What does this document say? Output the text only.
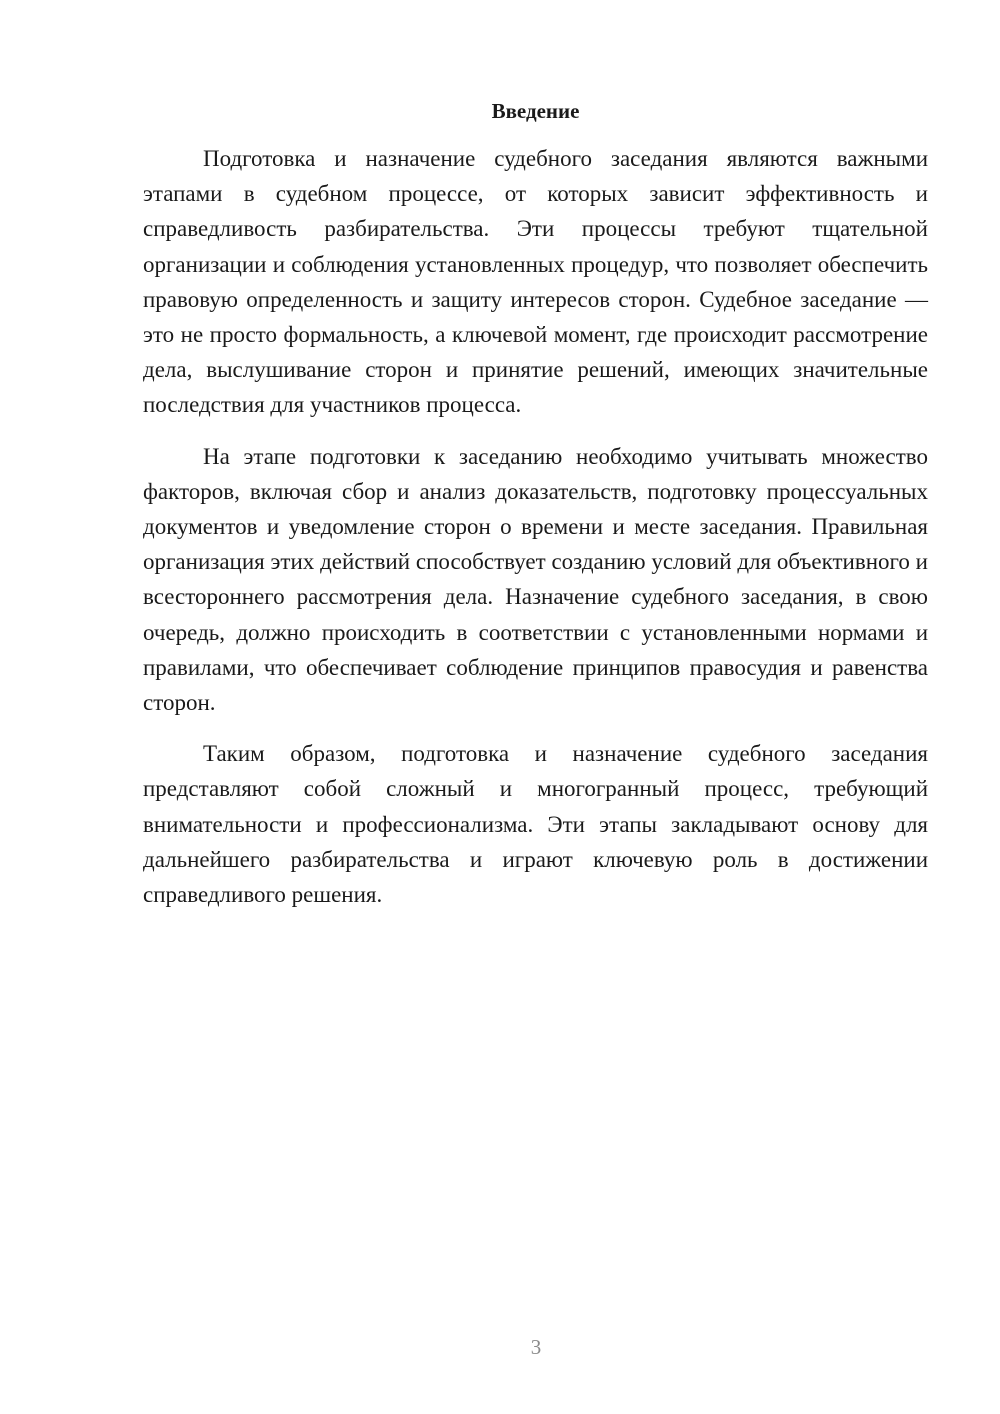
Введение

Подготовка и назначение судебного заседания являются важными этапами в судебном процессе, от которых зависит эффективность и справедливость разбирательства. Эти процессы требуют тщательной организации и соблюдения установленных процедур, что позволяет обеспечить правовую определенность и защиту интересов сторон. Судебное заседание — это не просто формальность, а ключевой момент, где происходит рассмотрение дела, выслушивание сторон и принятие решений, имеющих значительные последствия для участников процесса.

На этапе подготовки к заседанию необходимо учитывать множество факторов, включая сбор и анализ доказательств, подготовку процессуальных документов и уведомление сторон о времени и месте заседания. Правильная организация этих действий способствует созданию условий для объективного и всестороннего рассмотрения дела. Назначение судебного заседания, в свою очередь, должно происходить в соответствии с установленными нормами и правилами, что обеспечивает соблюдение принципов правосудия и равенства сторон.

Таким образом, подготовка и назначение судебного заседания представляют собой сложный и многогранный процесс, требующий внимательности и профессионализма. Эти этапы закладывают основу для дальнейшего разбирательства и играют ключевую роль в достижении справедливого решения.

3
